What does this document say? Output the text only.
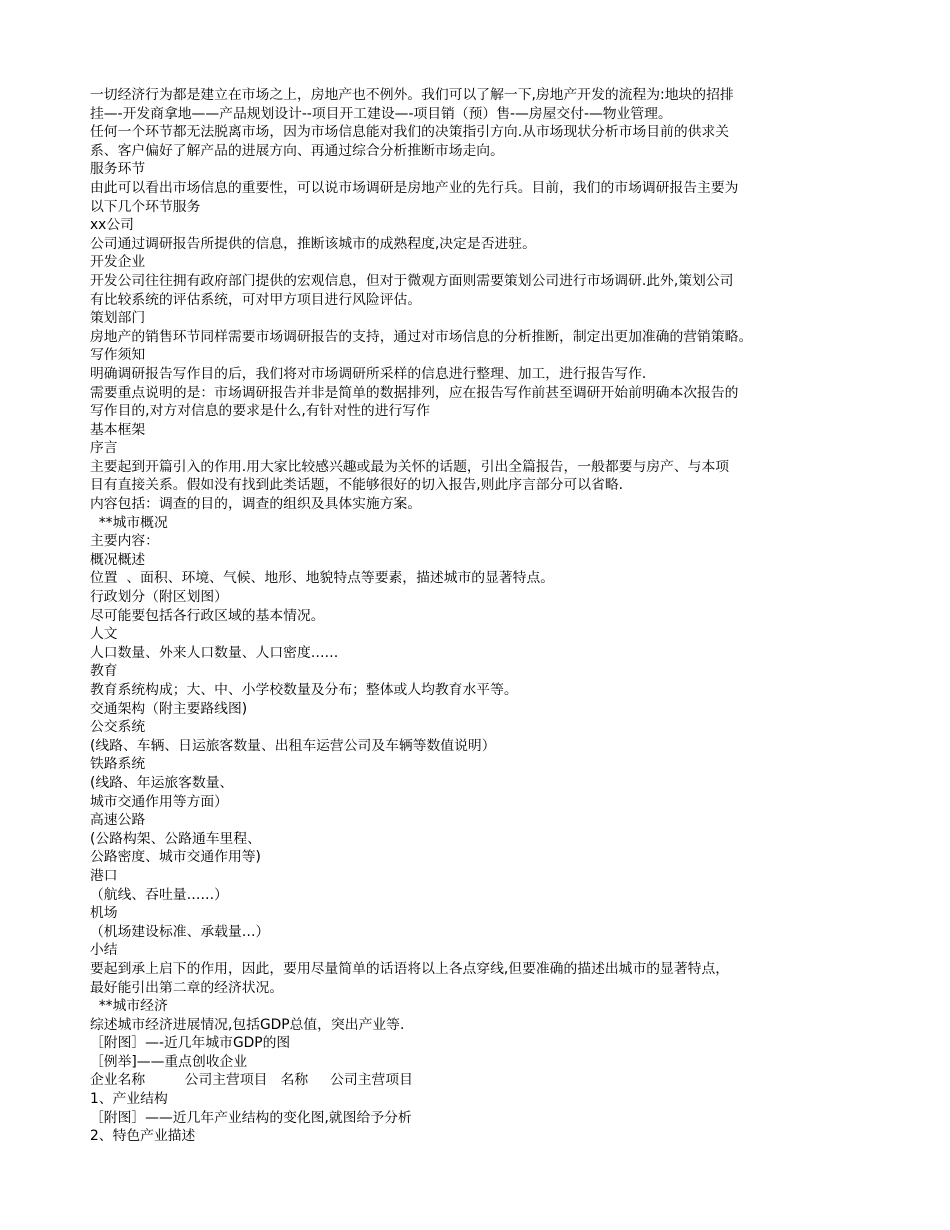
一切经济行为都是建立在市场之上，房地产也不例外。我们可以了解一下,房地产开发的流程为:地块的招排

挂—-开发商拿地——产品规划设计--项目开工建设—-项目销（预）售-—房屋交付-—物业管理。

任何一个环节都无法脱离市场，因为市场信息能对我们的决策指引方向.从市场现状分析市场目前的供求关

系、客户偏好了解产品的进展方向、再通过综合分析推断市场走向。

服务环节

由此可以看出市场信息的重要性，可以说市场调研是房地产业的先行兵。目前，我们的市场调研报告主要为

以下几个环节服务

xx公司

公司通过调研报告所提供的信息，推断该城市的成熟程度,决定是否进驻。

开发企业

开发公司往往拥有政府部门提供的宏观信息，但对于微观方面则需要策划公司进行市场调研.此外,策划公司

有比较系统的评估系统，可对甲方项目进行风险评估。

策划部门

房地产的销售环节同样需要市场调研报告的支持，通过对市场信息的分析推断，制定出更加准确的营销策略。

写作须知

明确调研报告写作目的后，我们将对市场调研所采样的信息进行整理、加工，进行报告写作.

需要重点说明的是：市场调研报告并非是简单的数据排列，应在报告写作前甚至调研开始前明确本次报告的

写作目的,对方对信息的要求是什么,有针对性的进行写作

基本框架

序言

主要起到开篇引入的作用.用大家比较感兴趣或最为关怀的话题，引出全篇报告，一般都要与房产、与本项

目有直接关系。假如没有找到此类话题，不能够很好的切入报告,则此序言部分可以省略.

内容包括：调查的目的，调查的组织及具体实施方案。

**城市概况

主要内容：

概况概述

位置  、面积、环境、气候、地形、地貌特点等要素，描述城市的显著特点。

行政划分（附区划图）

尽可能要包括各行政区域的基本情况。

人文

人口数量、外来人口数量、人口密度……

教育

教育系统构成；大、中、小学校数量及分布；整体或人均教育水平等。

交通架构（附主要路线图)

公交系统

(线路、车辆、日运旅客数量、出租车运营公司及车辆等数值说明）

铁路系统

(线路、年运旅客数量、

城市交通作用等方面）

高速公路

(公路构架、公路通车里程、

公路密度、城市交通作用等)

港口

（航线、吞吐量……）

机场

（机场建设标准、承载量…）

小结

要起到承上启下的作用，因此，要用尽量简单的话语将以上各点穿线,但要准确的描述出城市的显著特点，

最好能引出第二章的经济状况。

**城市经济

综述城市经济进展情况,包括GDP总值，突出产业等.

［附图］—-近几年城市GDP的图

［例举]——重点创收企业

企业名称         公司主营项目   名称     公司主营项目

1、产业结构

［附图］——近几年产业结构的变化图,就图给予分析

2、特色产业描述
